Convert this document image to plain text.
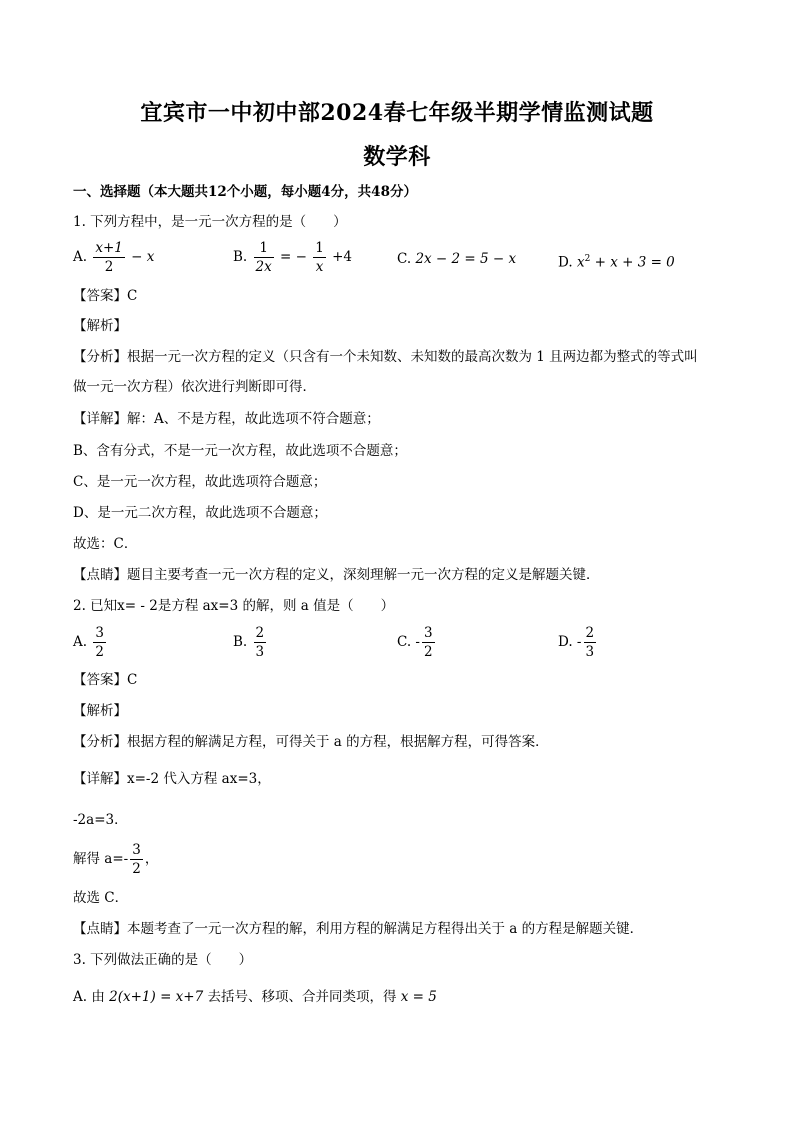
宜宾市一中初中部2024春七年级半期学情监测试题
数学科
一、选择题（本大题共12个小题，每小题4分，共48分）
1. 下列方程中，是一元一次方程的是（　　）
A. $\frac{x+1}{2} - x$	B. $\frac{1}{2x}$ = − $\frac{1}{x} +4$	C. 2x − 2 = 5 − x	D. $x^2 + x + 3 = 0$
【答案】C
【解析】
【分析】根据一元一次方程的定义（只含有一个未知数、未知数的最高次数为 1 且两边都为整式的等式叫
做一元一次方程）依次进行判断即可得．
【详解】解：A、不是方程，故此选项不符合题意；
B、含有分式，不是一元一次方程，故此选项不合题意；
C、是一元一次方程，故此选项符合题意；
D、是一元二次方程，故此选项不合题意；
故选：C．
【点睛】题目主要考查一元一次方程的定义，深刻理解一元一次方程的定义是解题关键．
2. 已知x= - 2是方程 ax=3 的解，则 a 值是（　　）
A. $\frac{3}{2}$	B. $\frac{2}{3}$	C. - $\frac{3}{2}$	D. - $\frac{2}{3}$
【答案】C
【解析】
【分析】根据方程的解满足方程，可得关于 a 的方程，根据解方程，可得答案．
【详解】x=-2 代入方程 ax=3，
-2a=3．
解得 $a=- \frac{3}{2}$ ，
故选 C．
【点睛】本题考查了一元一次方程的解，利用方程的解满足方程得出关于 a 的方程是解题关键．
3. 下列做法正确的是（　　）
A. 由 2(x+1) = x+7 去括号、移项、合并同类项，得 x = 5
